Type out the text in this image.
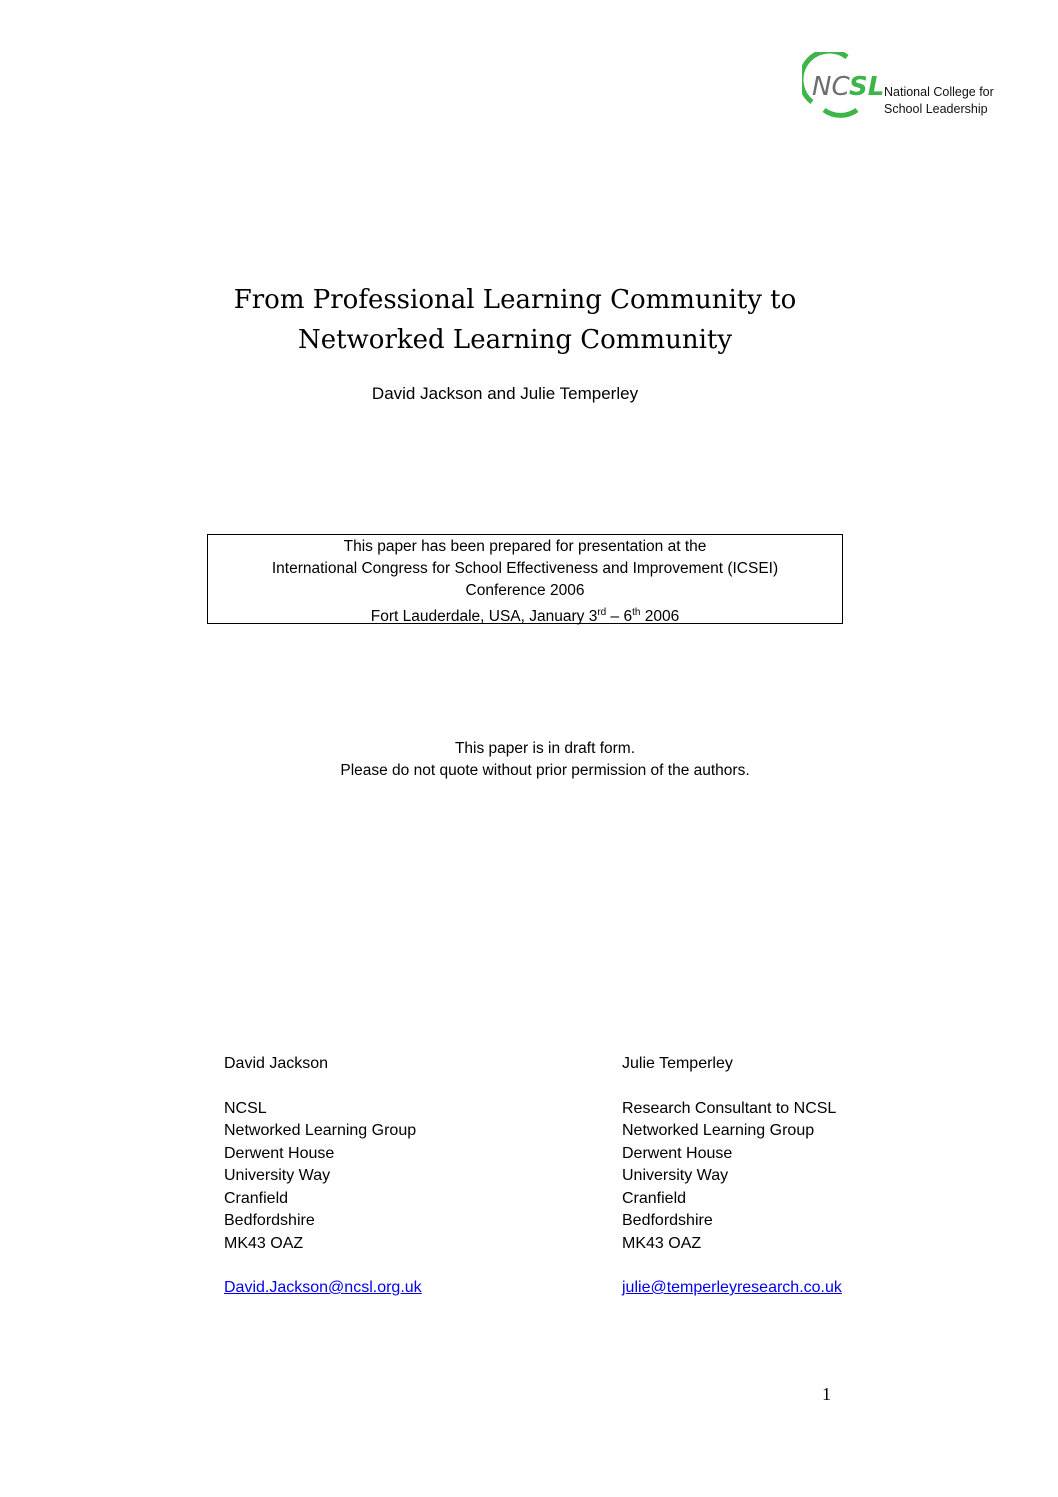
NC SL National College for
School Leadership
From Professional Learning Community to
Networked Learning Community
David Jackson and Julie Temperley
This paper has been prepared for presentation at the
International Congress for School Effectiveness and Improvement (ICSEI)
Conference 2006
Fort Lauderdale, USA, January 3rd – 6th 2006
This paper is in draft form.
Please do not quote without prior permission of the authors.
David Jackson
NCSL
Networked Learning Group
Derwent House
University Way
Cranfield
Bedfordshire
MK43 OAZ
David.Jackson@ncsl.org.uk
Julie Temperley
Research Consultant to NCSL
Networked Learning Group
Derwent House
University Way
Cranfield
Bedfordshire
MK43 OAZ
julie@temperleyresearch.co.uk
1
